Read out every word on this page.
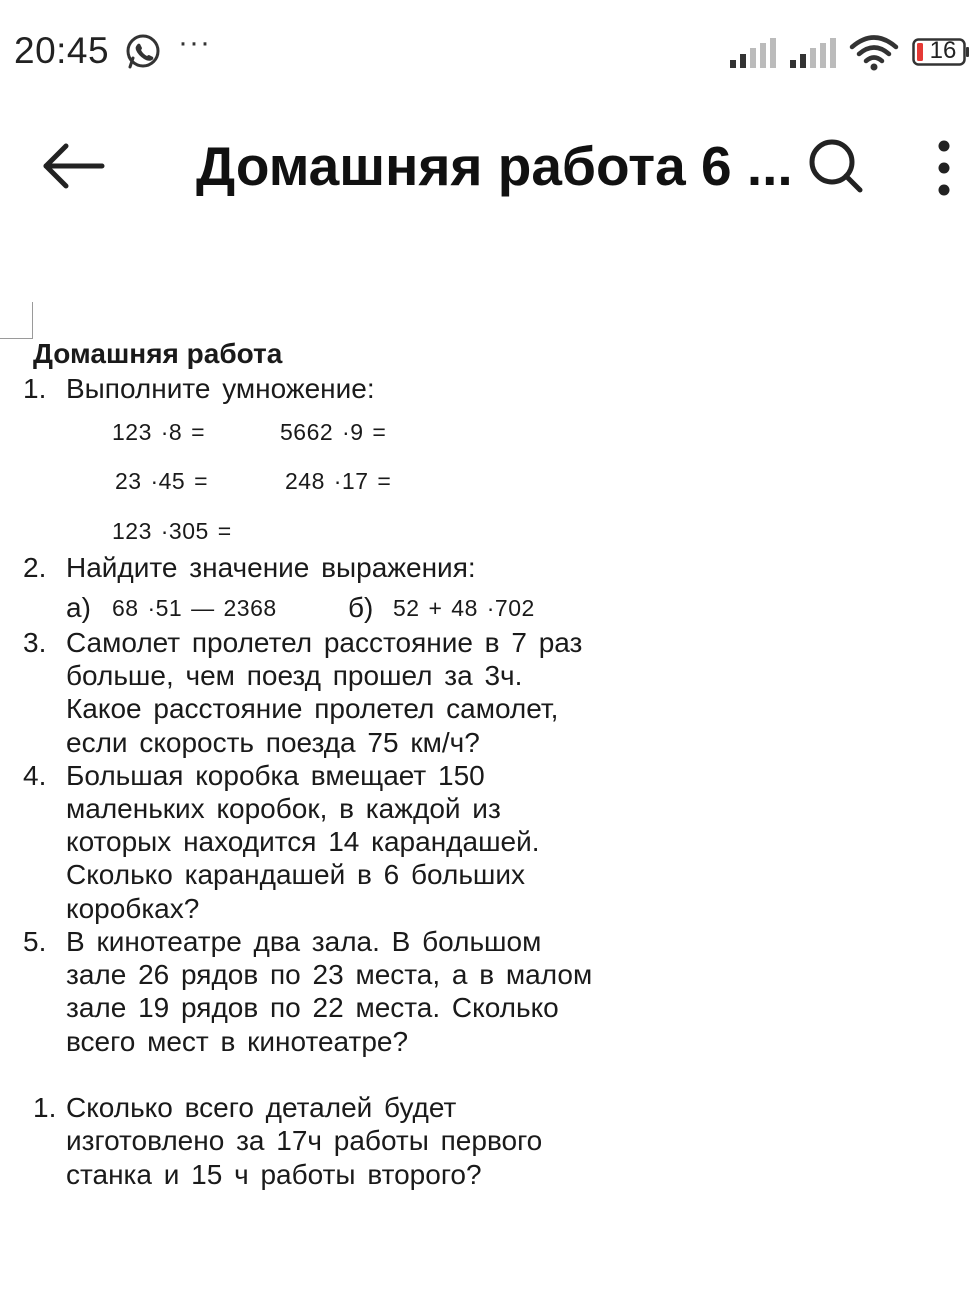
20:45 ···	16
Домашняя работа 6 ...
Домашняя работа
1. Выполните умножение:
123 ·8 =	5662 ·9 =
23 ·45 =	248 ·17 =
123 ·305 =
2. Найдите значение выражения:
а) 68 ·51 — 2368	б) 52 + 48 ·702
3. Самолет пролетел расстояние в 7 раз
больше, чем поезд прошел за 3ч.
Какое расстояние пролетел самолет,
если скорость поезда 75 км/ч?
4. Большая коробка вмещает 150
маленьких коробок, в каждой из
которых находится 14 карандашей.
Сколько карандашей в 6 больших
коробках?
5. В кинотеатре два зала. В большом
зале 26 рядов по 23 места, а в малом
зале 19 рядов по 22 места. Сколько
всего мест в кинотеатре?
1. Сколько всего деталей будет
изготовлено за 17ч работы первого
станка и 15 ч работы второго?
